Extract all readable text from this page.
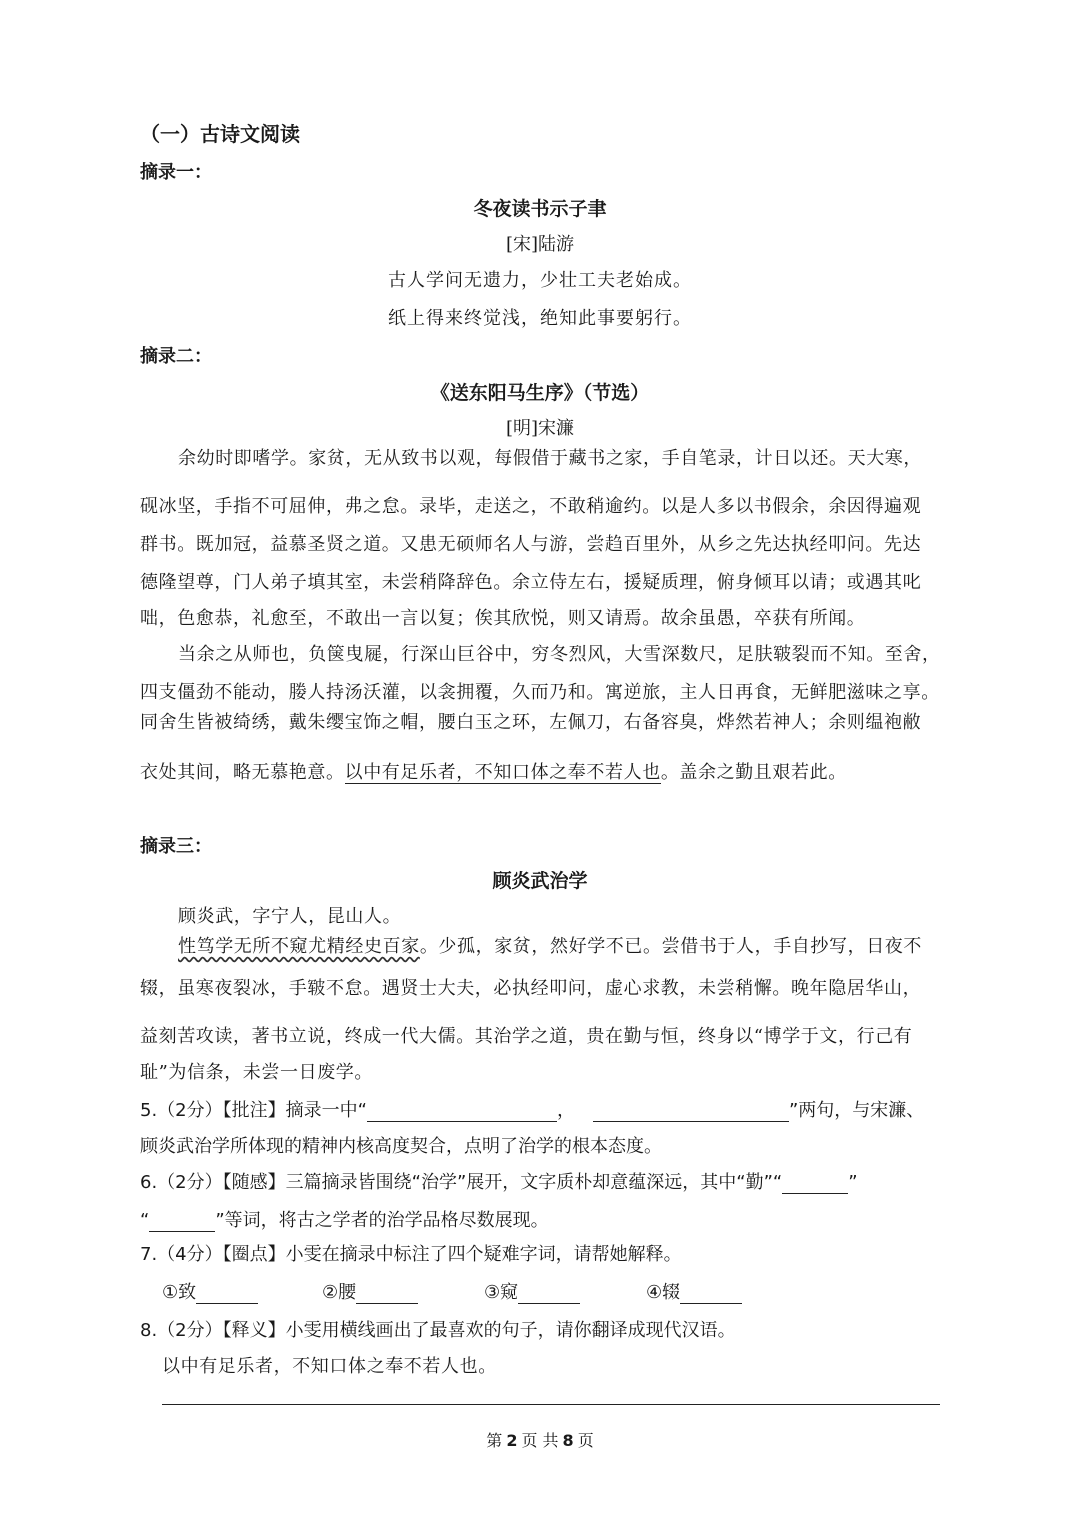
（一）古诗文阅读
摘录一：
冬夜读书示子聿
[宋]陆游
古人学问无遗力，少壮工夫老始成。
纸上得来终觉浅，绝知此事要躬行。
摘录二：
《送东阳马生序》（节选）
[明]宋濂
余幼时即嗜学。家贫，无从致书以观，每假借于藏书之家，手自笔录，计日以还。天大寒，
砚冰坚，手指不可屈伸，弗之怠。录毕，走送之，不敢稍逾约。以是人多以书假余，余因得遍观
群书。既加冠，益慕圣贤之道。又患无硕师名人与游，尝趋百里外，从乡之先达执经叩问。先达
德隆望尊，门人弟子填其室，未尝稍降辞色。余立侍左右，援疑质理，俯身倾耳以请；或遇其叱
咄，色愈恭，礼愈至，不敢出一言以复；俟其欣悦，则又请焉。故余虽愚，卒获有所闻。
当余之从师也，负箧曳屣，行深山巨谷中，穷冬烈风，大雪深数尺，足肤皲裂而不知。至舍，
四支僵劲不能动，媵人持汤沃灌，以衾拥覆，久而乃和。寓逆旅，主人日再食，无鲜肥滋味之享。
同舍生皆被绮绣，戴朱缨宝饰之帽，腰白玉之环，左佩刀，右备容臭，烨然若神人；余则缊袍敝
衣处其间，略无慕艳意。以中有足乐者，不知口体之奉不若人也。盖余之勤且艰若此。
摘录三：
顾炎武治学
顾炎武，字宁人，昆山人。
性笃学无所不窥尤精经史百家。少孤，家贫，然好学不已。尝借书于人，手自抄写，日夜不
辍，虽寒夜裂冰，手皲不怠。遇贤士大夫，必执经叩问，虚心求教，未尝稍懈。晚年隐居华山，
益刻苦攻读，著书立说，终成一代大儒。其治学之道，贵在勤与恒，终身以“博学于文，行己有
耻”为信条，未尝一日废学。
5.（2分）【批注】摘录一中“	，	”两句，与宋濂、
顾炎武治学所体现的精神内核高度契合，点明了治学的根本态度。
6.（2分）【随感】三篇摘录皆围绕“治学”展开，文字质朴却意蕴深远，其中“勤”“	”
“	”等词，将古之学者的治学品格尽数展现。
7.（4分）【圈点】小雯在摘录中标注了四个疑难字词，请帮她解释。
①致	②腰	③窥	④辍
8.（2分）【释义】小雯用横线画出了最喜欢的句子，请你翻译成现代汉语。
以中有足乐者，不知口体之奉不若人也。
第 2 页 共 8 页
